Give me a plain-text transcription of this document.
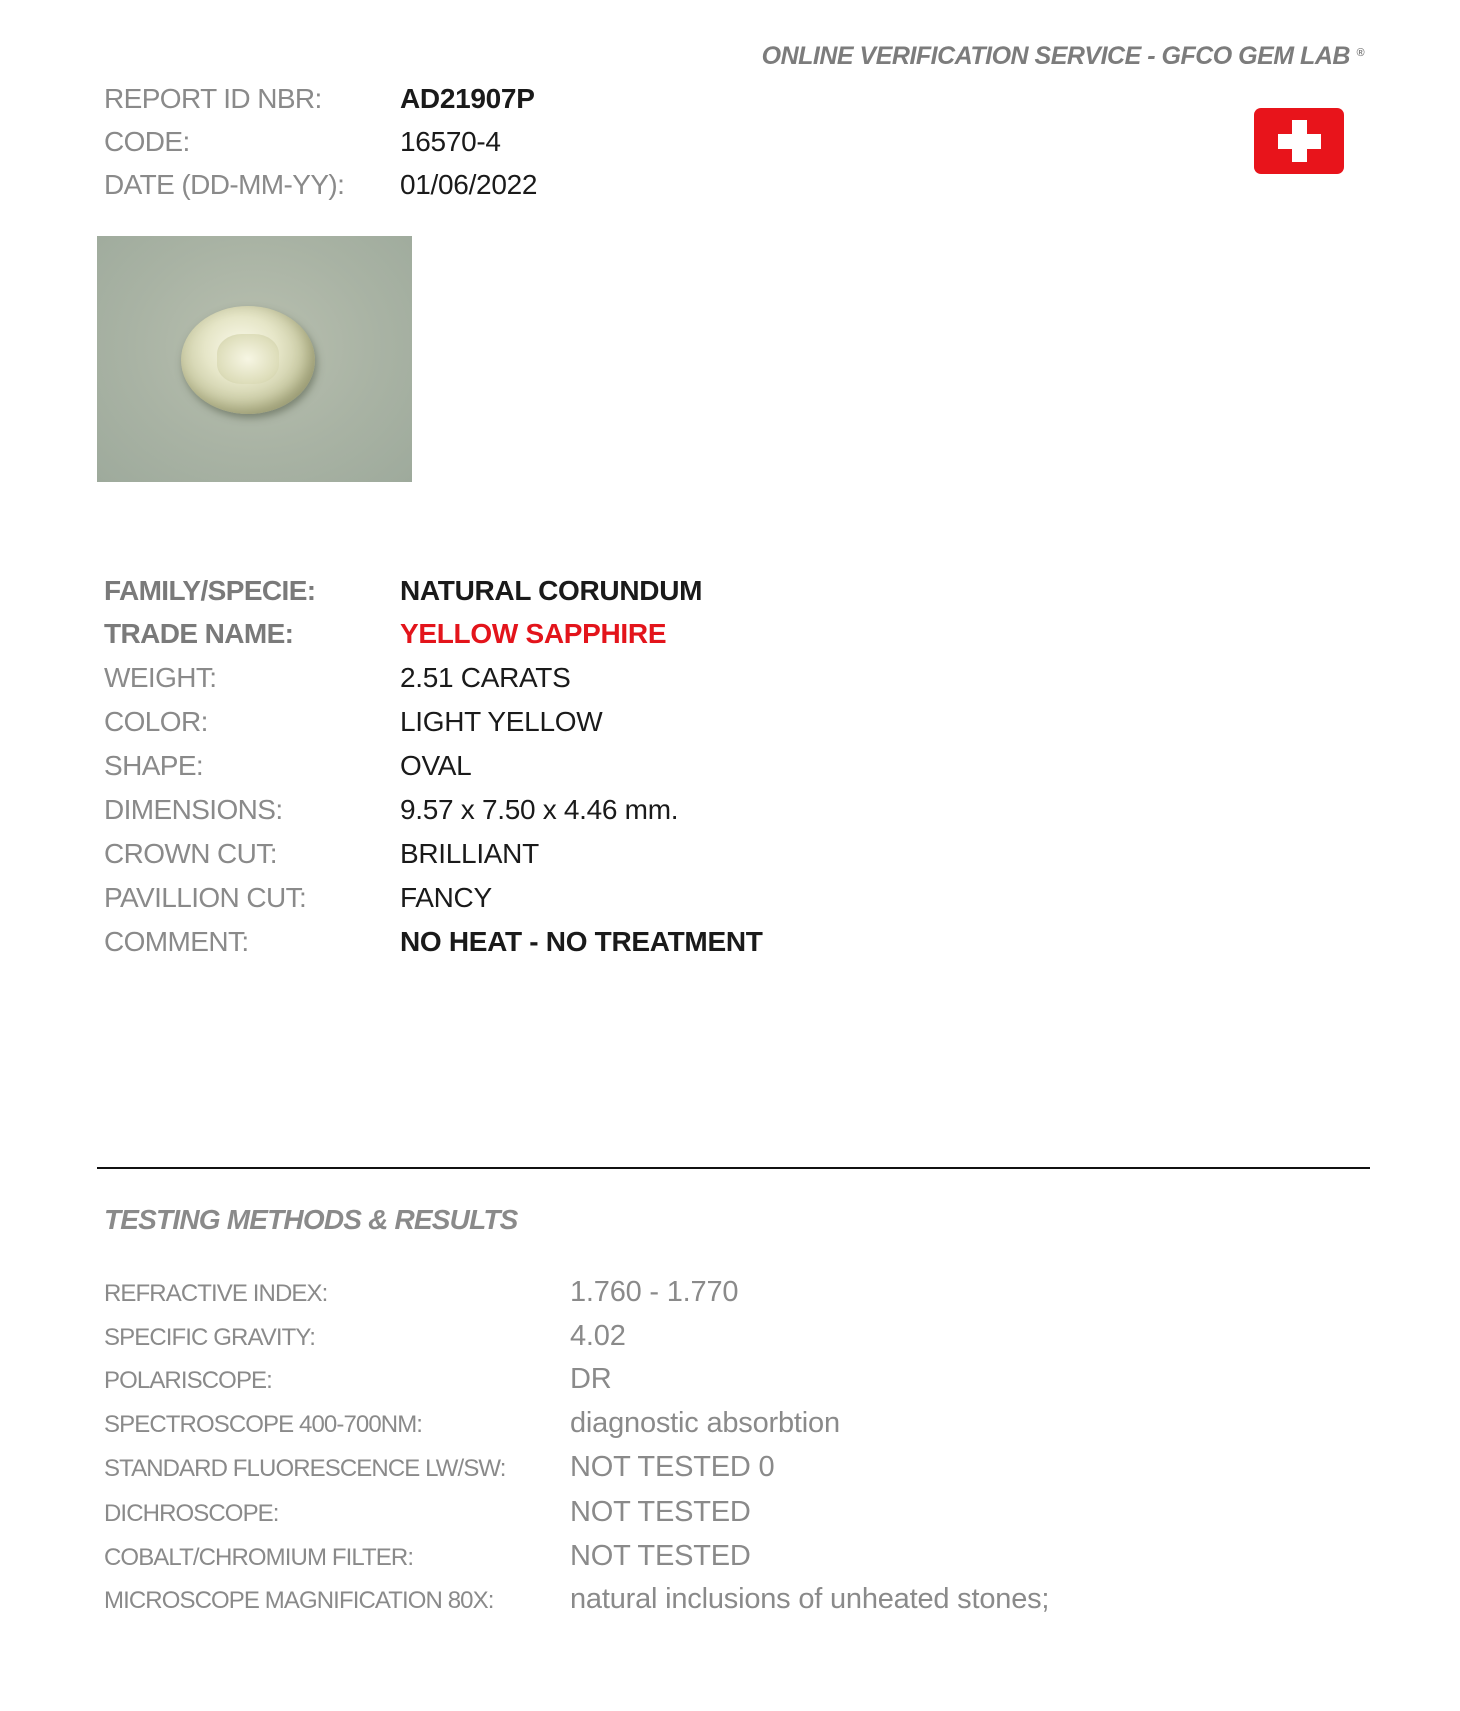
ONLINE VERIFICATION SERVICE - GFCO GEM LAB ®
REPORT ID NBR:	AD21907P
CODE:	16570-4
DATE (DD-MM-YY):	01/06/2022
FAMILY/SPECIE:	NATURAL CORUNDUM
TRADE NAME:	YELLOW SAPPHIRE
WEIGHT:	2.51 CARATS
COLOR:	LIGHT YELLOW
SHAPE:	OVAL
DIMENSIONS:	9.57 x 7.50 x 4.46 mm.
CROWN CUT:	BRILLIANT
PAVILLION CUT:	FANCY
COMMENT:	NO HEAT - NO TREATMENT
TESTING METHODS & RESULTS
REFRACTIVE INDEX:	1.760 - 1.770
SPECIFIC GRAVITY:	4.02
POLARISCOPE:	DR
SPECTROSCOPE 400-700NM:	diagnostic absorbtion
STANDARD FLUORESCENCE LW/SW:	NOT TESTED 0
DICHROSCOPE:	NOT TESTED
COBALT/CHROMIUM FILTER:	NOT TESTED
MICROSCOPE MAGNIFICATION 80X:	natural inclusions of unheated stones;
